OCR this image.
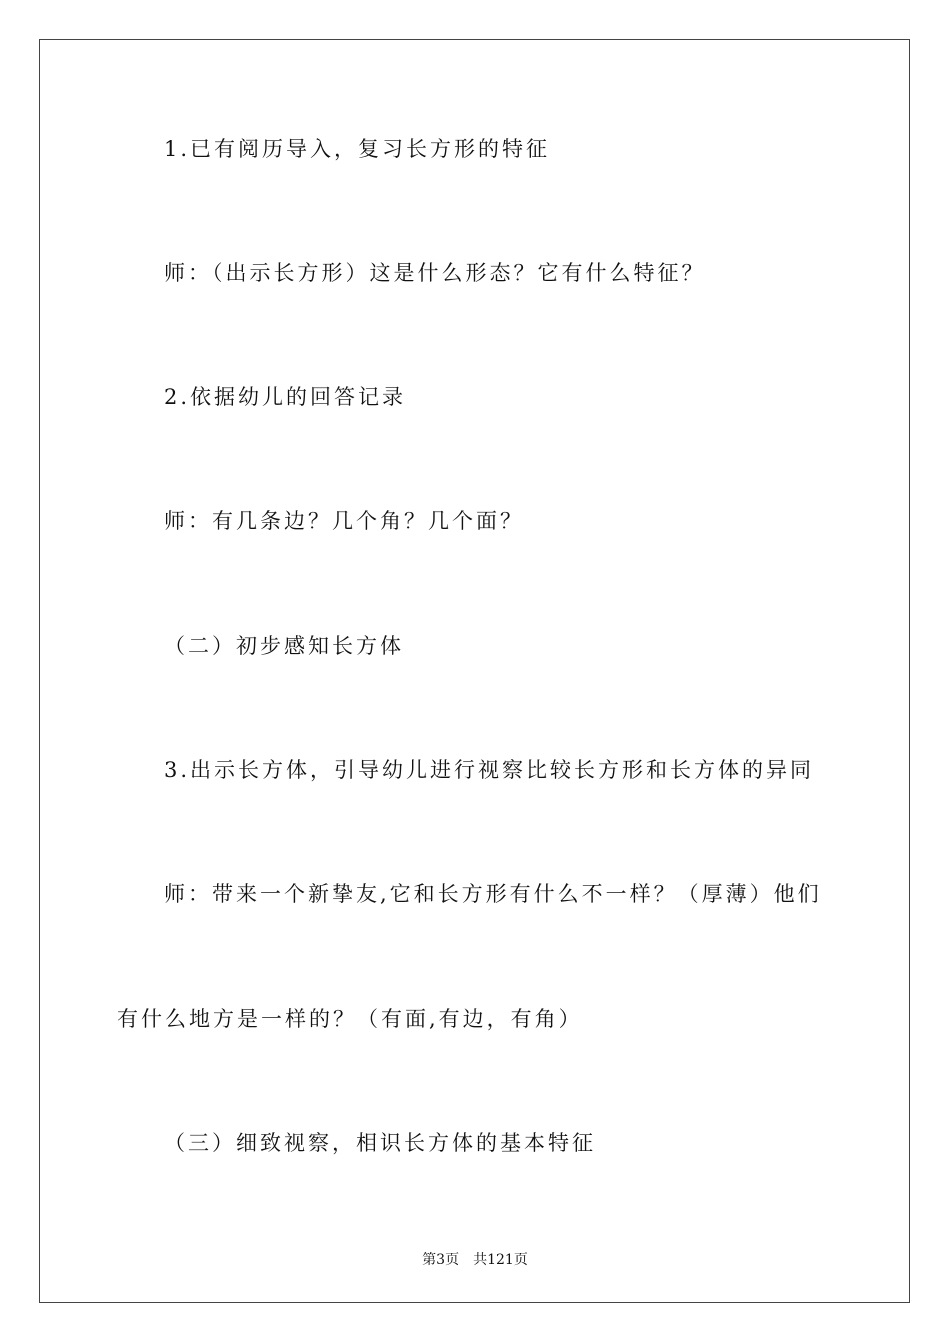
1.已有阅历导入，复习长方形的特征
师：（出示长方形）这是什么形态？它有什么特征？
2.依据幼儿的回答记录
师：有几条边？几个角？几个面？
（二）初步感知长方体
3.出示长方体，引导幼儿进行视察比较长方形和长方体的异同
师：带来一个新挚友,它和长方形有什么不一样？（厚薄）他们
有什么地方是一样的？（有面,有边，有角）
（三）细致视察，相识长方体的基本特征
第3页 共121页
